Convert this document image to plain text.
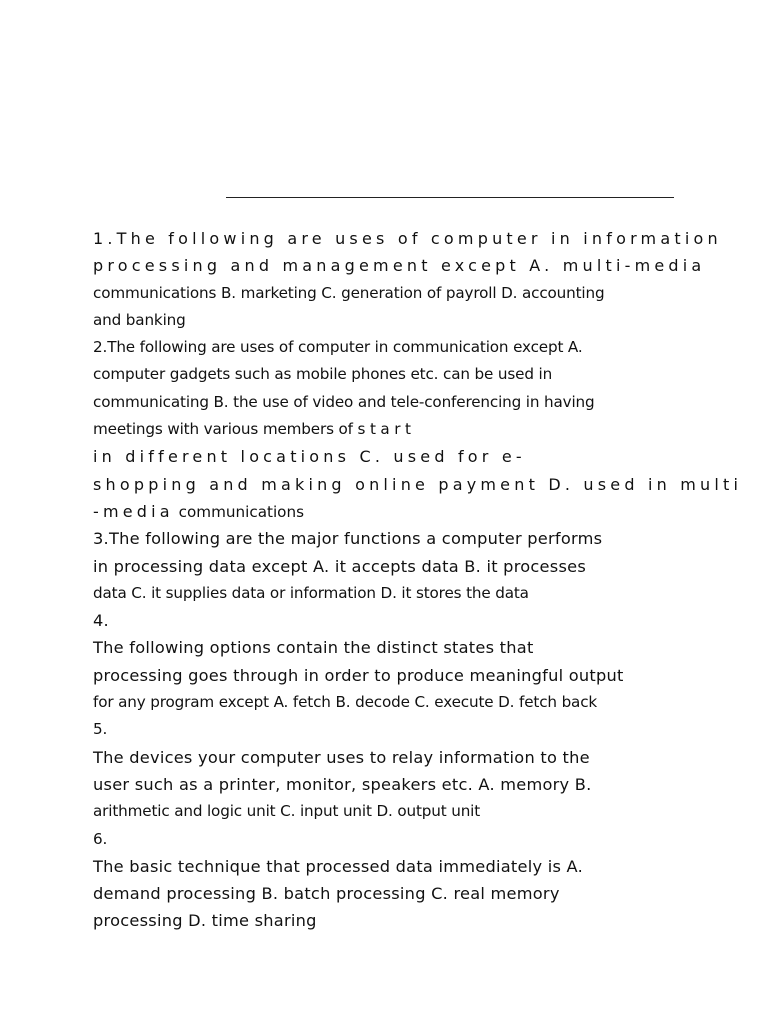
1.The following are uses of computer in information
processing and management except A. multi-media
communications B. marketing C. generation of payroll D. accounting
and banking
2.The following are uses of computer in communication except A.
computer gadgets such as mobile phones etc. can be used in
communicating B. the use of video and tele-conferencing in having
meetings with various members of start
in different locations C. used for e-
shopping and making online payment D. used in multi
-media communications
3.The following are the major functions a computer performs
in processing data except A. it accepts data B. it processes
data C. it supplies data or information D. it stores the data
4.
The following options contain the distinct states that
processing goes through in order to produce meaningful output
for any program except A. fetch B. decode C. execute D. fetch back
5.
The devices your computer uses to relay information to the
user such as a printer, monitor, speakers etc. A. memory B.
arithmetic and logic unit C. input unit D. output unit
6.
The basic technique that processed data immediately is A.
demand processing B. batch processing C. real memory
processing D. time sharing
